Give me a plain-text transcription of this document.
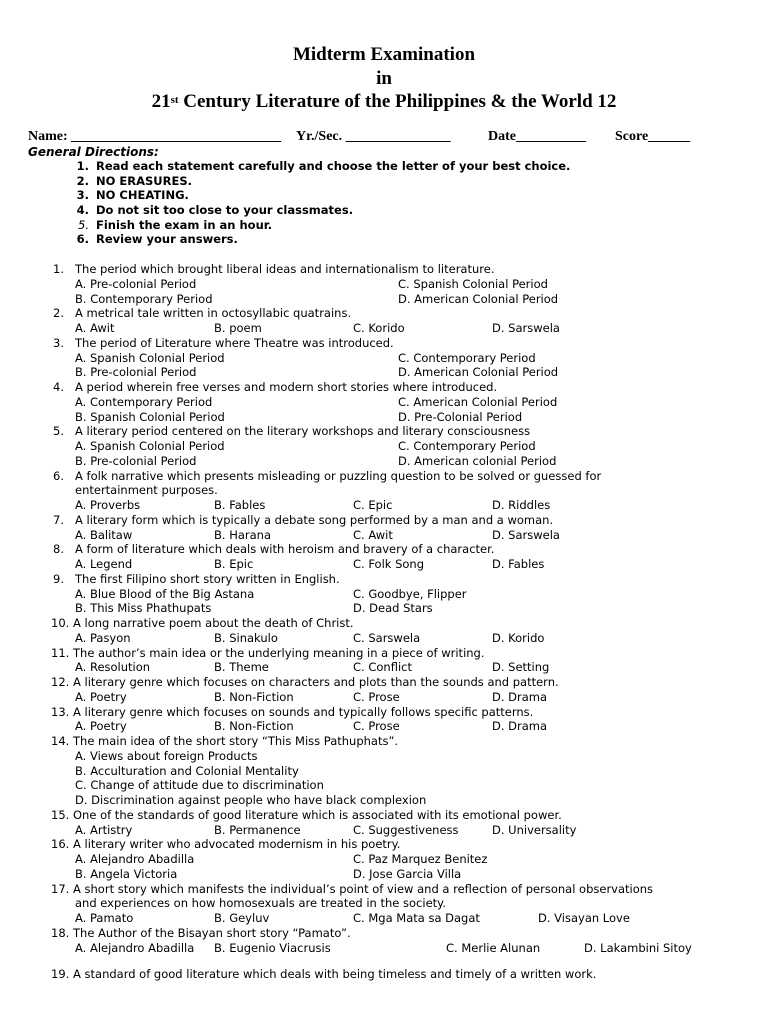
Midterm Examination
in
21st Century Literature of the Philippines & the World 12
Name: ______________________________ Yr./Sec. _______________	Date__________ Score______
General Directions:
1. Read each statement carefully and choose the letter of your best choice.
2. NO ERASURES.
3. NO CHEATING.
4. Do not sit too close to your classmates.
5. Finish the exam in an hour.
6. Review your answers.
1. The period which brought liberal ideas and internationalism to literature.
A. Pre-colonial Period	C. Spanish Colonial Period
B. Contemporary Period	D. American Colonial Period
2. A metrical tale written in octosyllabic quatrains.
A. Awit	B. poem	C. Korido	D. Sarswela
3. The period of Literature where Theatre was introduced.
A. Spanish Colonial Period	C. Contemporary Period
B. Pre-colonial Period	D. American Colonial Period
4. A period wherein free verses and modern short stories where introduced.
A. Contemporary Period	C. American Colonial Period
B. Spanish Colonial Period	D. Pre-Colonial Period
5. A literary period centered on the literary workshops and literary consciousness
A. Spanish Colonial Period	C. Contemporary Period
B. Pre-colonial Period	D. American colonial Period
6. A folk narrative which presents misleading or puzzling question to be solved or guessed for
entertainment purposes.
A. Proverbs	B. Fables	C. Epic	D. Riddles
7. A literary form which is typically a debate song performed by a man and a woman.
A. Balitaw	B. Harana	C. Awit	D. Sarswela
8. A form of literature which deals with heroism and bravery of a character.
A. Legend	B. Epic	C. Folk Song	D. Fables
9. The first Filipino short story written in English.
A. Blue Blood of the Big Astana	C. Goodbye, Flipper
B. This Miss Phathupats	D. Dead Stars
10. A long narrative poem about the death of Christ.
A. Pasyon	B. Sinakulo	C. Sarswela	D. Korido
11. The author’s main idea or the underlying meaning in a piece of writing.
A. Resolution	B. Theme	C. Conflict	D. Setting
12. A literary genre which focuses on characters and plots than the sounds and pattern.
A. Poetry	B. Non-Fiction	C. Prose	D. Drama
13. A literary genre which focuses on sounds and typically follows specific patterns.
A. Poetry	B. Non-Fiction	C. Prose	D. Drama
14. The main idea of the short story “This Miss Pathuphats”.
A. Views about foreign Products
B. Acculturation and Colonial Mentality
C. Change of attitude due to discrimination
D. Discrimination against people who have black complexion
15. One of the standards of good literature which is associated with its emotional power.
A. Artistry	B. Permanence	C. Suggestiveness	D. Universality
16. A literary writer who advocated modernism in his poetry.
A. Alejandro Abadilla	C. Paz Marquez Benitez
B. Angela Victoria	D. Jose Garcia Villa
17. A short story which manifests the individual’s point of view and a reflection of personal observations
and experiences on how homosexuals are treated in the society.
A. Pamato	B. Geyluv	C. Mga Mata sa Dagat	D. Visayan Love
18. The Author of the Bisayan short story “Pamato”.
A. Alejandro Abadilla B. Eugenio Viacrusis	C. Merlie Alunan	D. Lakambini Sitoy
19. A standard of good literature which deals with being timeless and timely of a written work.
